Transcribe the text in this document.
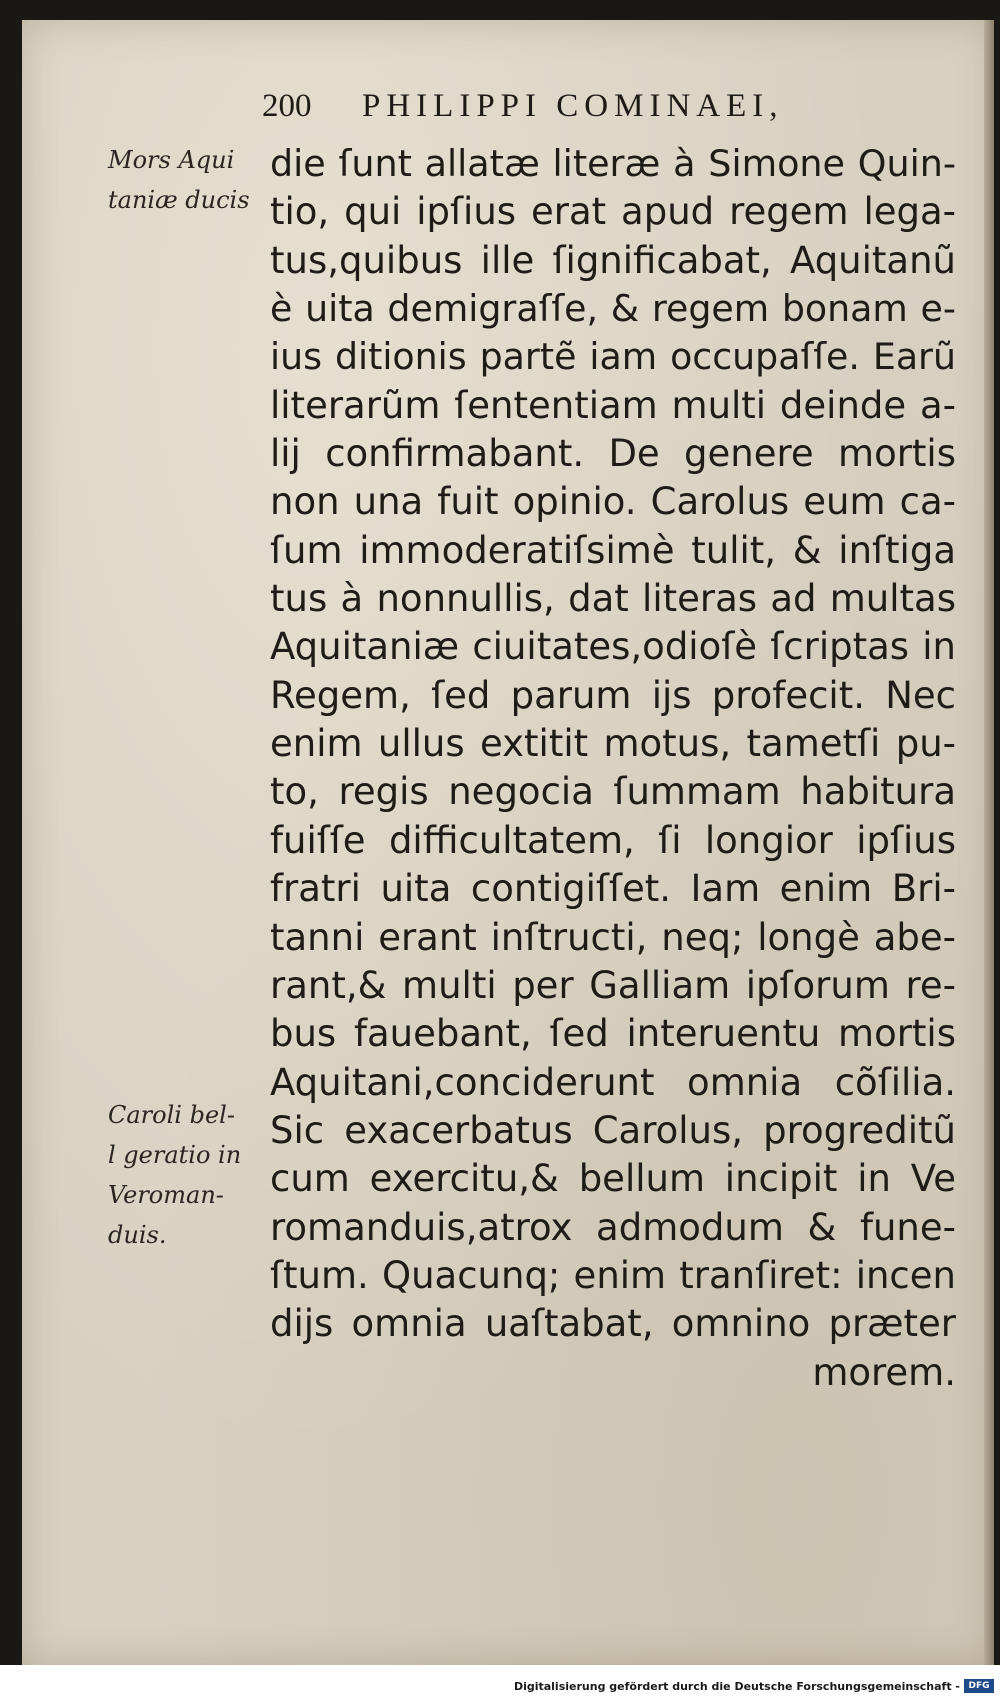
200 PHILIPPI COMINAEI,
Mors Aqui
taniæ ducis
Caroli bel-
l geratio in
Veroman-
duis.
die ſunt allatæ literæ à Simone Quin-
tio, qui ipſius erat apud regem lega-
tus,quibus ille ſignificabat, Aquitanũ
è uita demigraſſe, & regem bonam e-
ius ditionis partẽ iam occupaſſe. Earũ
literarũm ſententiam multi deinde a-
lij confirmabant. De genere mortis
non una fuit opinio. Carolus eum ca-
ſum immoderatiſsimè tulit, & inſtiga
tus à nonnullis, dat literas ad multas
Aquitaniæ ciuitates,odioſè ſcriptas in
Regem, ſed parum ijs profecit. Nec
enim ullus extitit motus, tametſi pu-
to, regis negocia ſummam habitura
fuiſſe difficultatem, ſi longior ipſius
fratri uita contigiſſet. Iam enim Bri-
tanni erant inſtructi, neq; longè abe-
rant,& multi per Galliam ipſorum re-
bus fauebant, ſed interuentu mortis
Aquitani,conciderunt omnia cõſilia.
Sic exacerbatus Carolus, progreditũ
cum exercitu,& bellum incipit in Ve
romanduis,atrox admodum & fune-
ſtum. Quacunq; enim tranſiret: incen
dijs omnia uaſtabat, omnino præter
morem.
Digitalisierung gefördert durch die Deutsche Forschungsgemeinschaft - DFG
